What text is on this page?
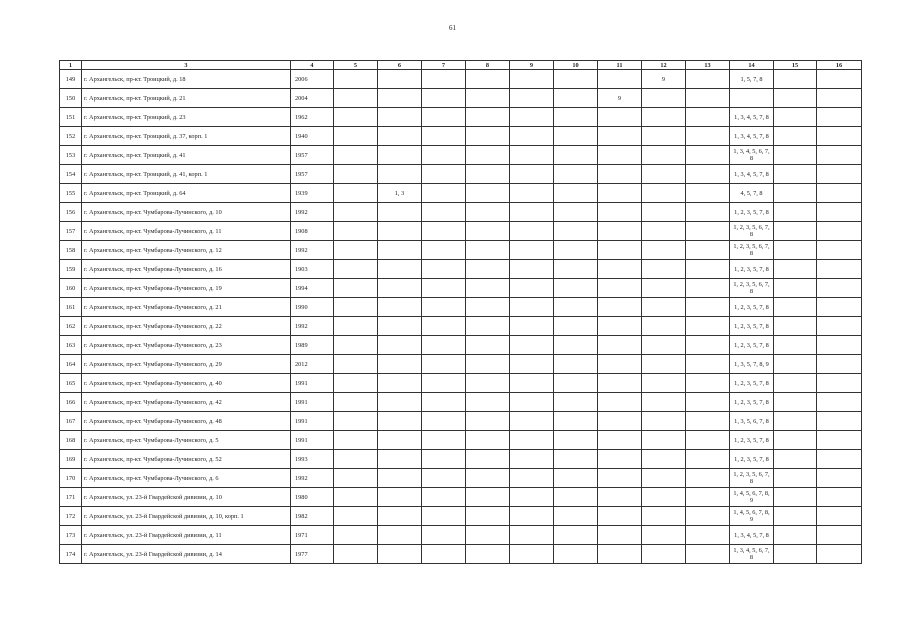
61
1	3	4	5	6	7	8	9	10	11	12	13	14	15	16
149	г. Архангельск, пр-кт. Троицкий, д. 18	2006								9		1, 5, 7, 8		
150	г. Архангельск, пр-кт. Троицкий, д. 21	2004							9					
151	г. Архангельск, пр-кт. Троицкий, д. 23	1962										1, 3, 4, 5, 7, 8		
152	г. Архангельск, пр-кт. Троицкий, д. 37, корп. 1	1940										1, 3, 4, 5, 7, 8		
153	г. Архангельск, пр-кт. Троицкий, д. 41	1957										1, 3, 4, 5, 6, 7, 8		
154	г. Архангельск, пр-кт. Троицкий, д. 41, корп. 1	1957										1, 3, 4, 5, 7, 8		
155	г. Архангельск, пр-кт. Троицкий, д. 64	1939		1, 3								4, 5, 7, 8		
156	г. Архангельск, пр-кт. Чумбарова-Лучинского, д. 10	1992										1, 2, 3, 5, 7, 8		
157	г. Архангельск, пр-кт. Чумбарова-Лучинского, д. 11	1908										1, 2, 3, 5, 6, 7, 8		
158	г. Архангельск, пр-кт. Чумбарова-Лучинского, д. 12	1992										1, 2, 3, 5, 6, 7, 8		
159	г. Архангельск, пр-кт. Чумбарова-Лучинского, д. 16	1903										1, 2, 3, 5, 7, 8		
160	г. Архангельск, пр-кт. Чумбарова-Лучинского, д. 19	1994										1, 2, 3, 5, 6, 7, 8		
161	г. Архангельск, пр-кт. Чумбарова-Лучинского, д. 21	1990										1, 2, 3, 5, 7, 8		
162	г. Архангельск, пр-кт. Чумбарова-Лучинского, д. 22	1992										1, 2, 3, 5, 7, 8		
163	г. Архангельск, пр-кт. Чумбарова-Лучинского, д. 23	1989										1, 2, 3, 5, 7, 8		
164	г. Архангельск, пр-кт. Чумбарова-Лучинского, д. 29	2012										1, 3, 5, 7, 8, 9		
165	г. Архангельск, пр-кт. Чумбарова-Лучинского, д. 40	1991										1, 2, 3, 5, 7, 8		
166	г. Архангельск, пр-кт. Чумбарова-Лучинского, д. 42	1991										1, 2, 3, 5, 7, 8		
167	г. Архангельск, пр-кт. Чумбарова-Лучинского, д. 48	1991										1, 3, 5, 6, 7, 8		
168	г. Архангельск, пр-кт. Чумбарова-Лучинского, д. 5	1991										1, 2, 3, 5, 7, 8		
169	г. Архангельск, пр-кт. Чумбарова-Лучинского, д. 52	1993										1, 2, 3, 5, 7, 8		
170	г. Архангельск, пр-кт. Чумбарова-Лучинского, д. 6	1992										1, 2, 3, 5, 6, 7, 8		
171	г. Архангельск, ул. 23-й Гвардейской дивизии, д. 10	1980										1, 4, 5, 6, 7, 8, 9		
172	г. Архангельск, ул. 23-й Гвардейской дивизии, д. 10, корп. 1	1982										1, 4, 5, 6, 7, 8, 9		
173	г. Архангельск, ул. 23-й Гвардейской дивизии, д. 11	1971										1, 3, 4, 5, 7, 8		
174	г. Архангельск, ул. 23-й Гвардейской дивизии, д. 14	1977										1, 3, 4, 5, 6, 7, 8		
